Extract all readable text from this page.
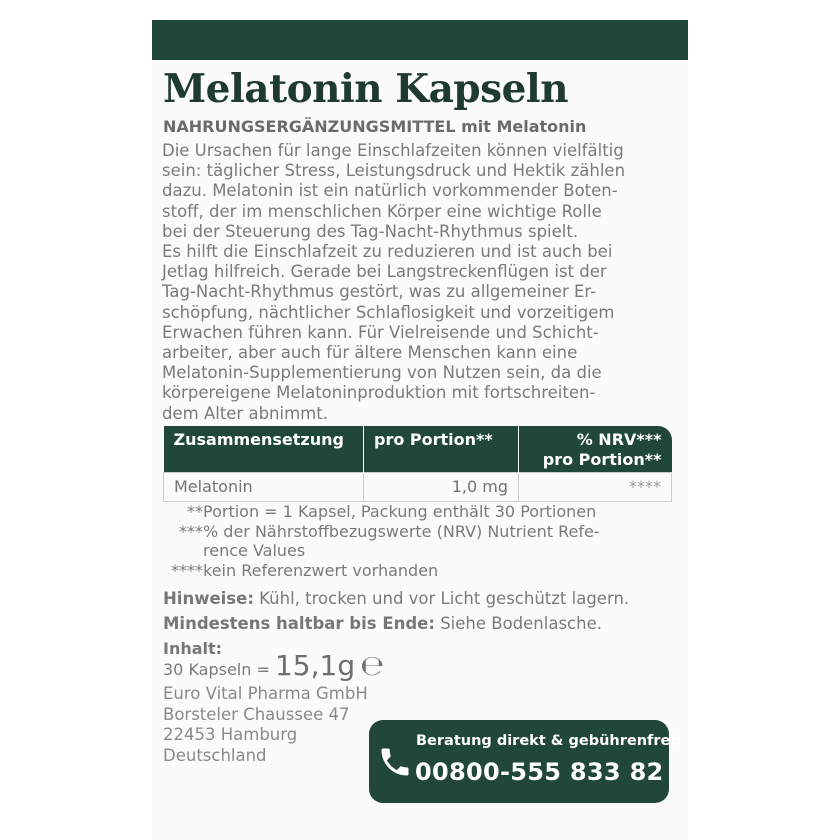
Melatonin Kapseln
NAHRUNGSERGÄNZUNGSMITTEL mit Melatonin
Die Ursachen für lange Einschlafzeiten können vielfältig
sein: täglicher Stress, Leistungsdruck und Hektik zählen
dazu. Melatonin ist ein natürlich vorkommender Boten-
stoff, der im menschlichen Körper eine wichtige Rolle
bei der Steuerung des Tag-Nacht-Rhythmus spielt.
Es hilft die Einschlafzeit zu reduzieren und ist auch bei
Jetlag hilfreich. Gerade bei Langstreckenflügen ist der
Tag-Nacht-Rhythmus gestört, was zu allgemeiner Er-
schöpfung, nächtlicher Schlaflosigkeit und vorzeitigem
Erwachen führen kann. Für Vielreisende und Schicht-
arbeiter, aber auch für ältere Menschen kann eine
Melatonin-Supplementierung von Nutzen sein, da die
körpereigene Melatoninproduktion mit fortschreiten-
dem Alter abnimmt.
Zusammensetzung	pro Portion**	% NRV***
pro Portion**

Melatonin	1,0 mg	****
** Portion = 1 Kapsel, Packung enthält 30 Portionen
*** % der Nährstoffbezugswerte (NRV) Nutrient Refe-
rence Values
**** kein Referenzwert vorhanden
Hinweise: Kühl, trocken und vor Licht geschützt lagern.
Mindestens haltbar bis Ende: Siehe Bodenlasche.
Inhalt:
30 Kapseln = 15,1g ℮
Euro Vital Pharma GmbH
Borsteler Chaussee 47
22453 Hamburg
Deutschland
Beratung direkt & gebührenfrei:
00800-555 833 82
